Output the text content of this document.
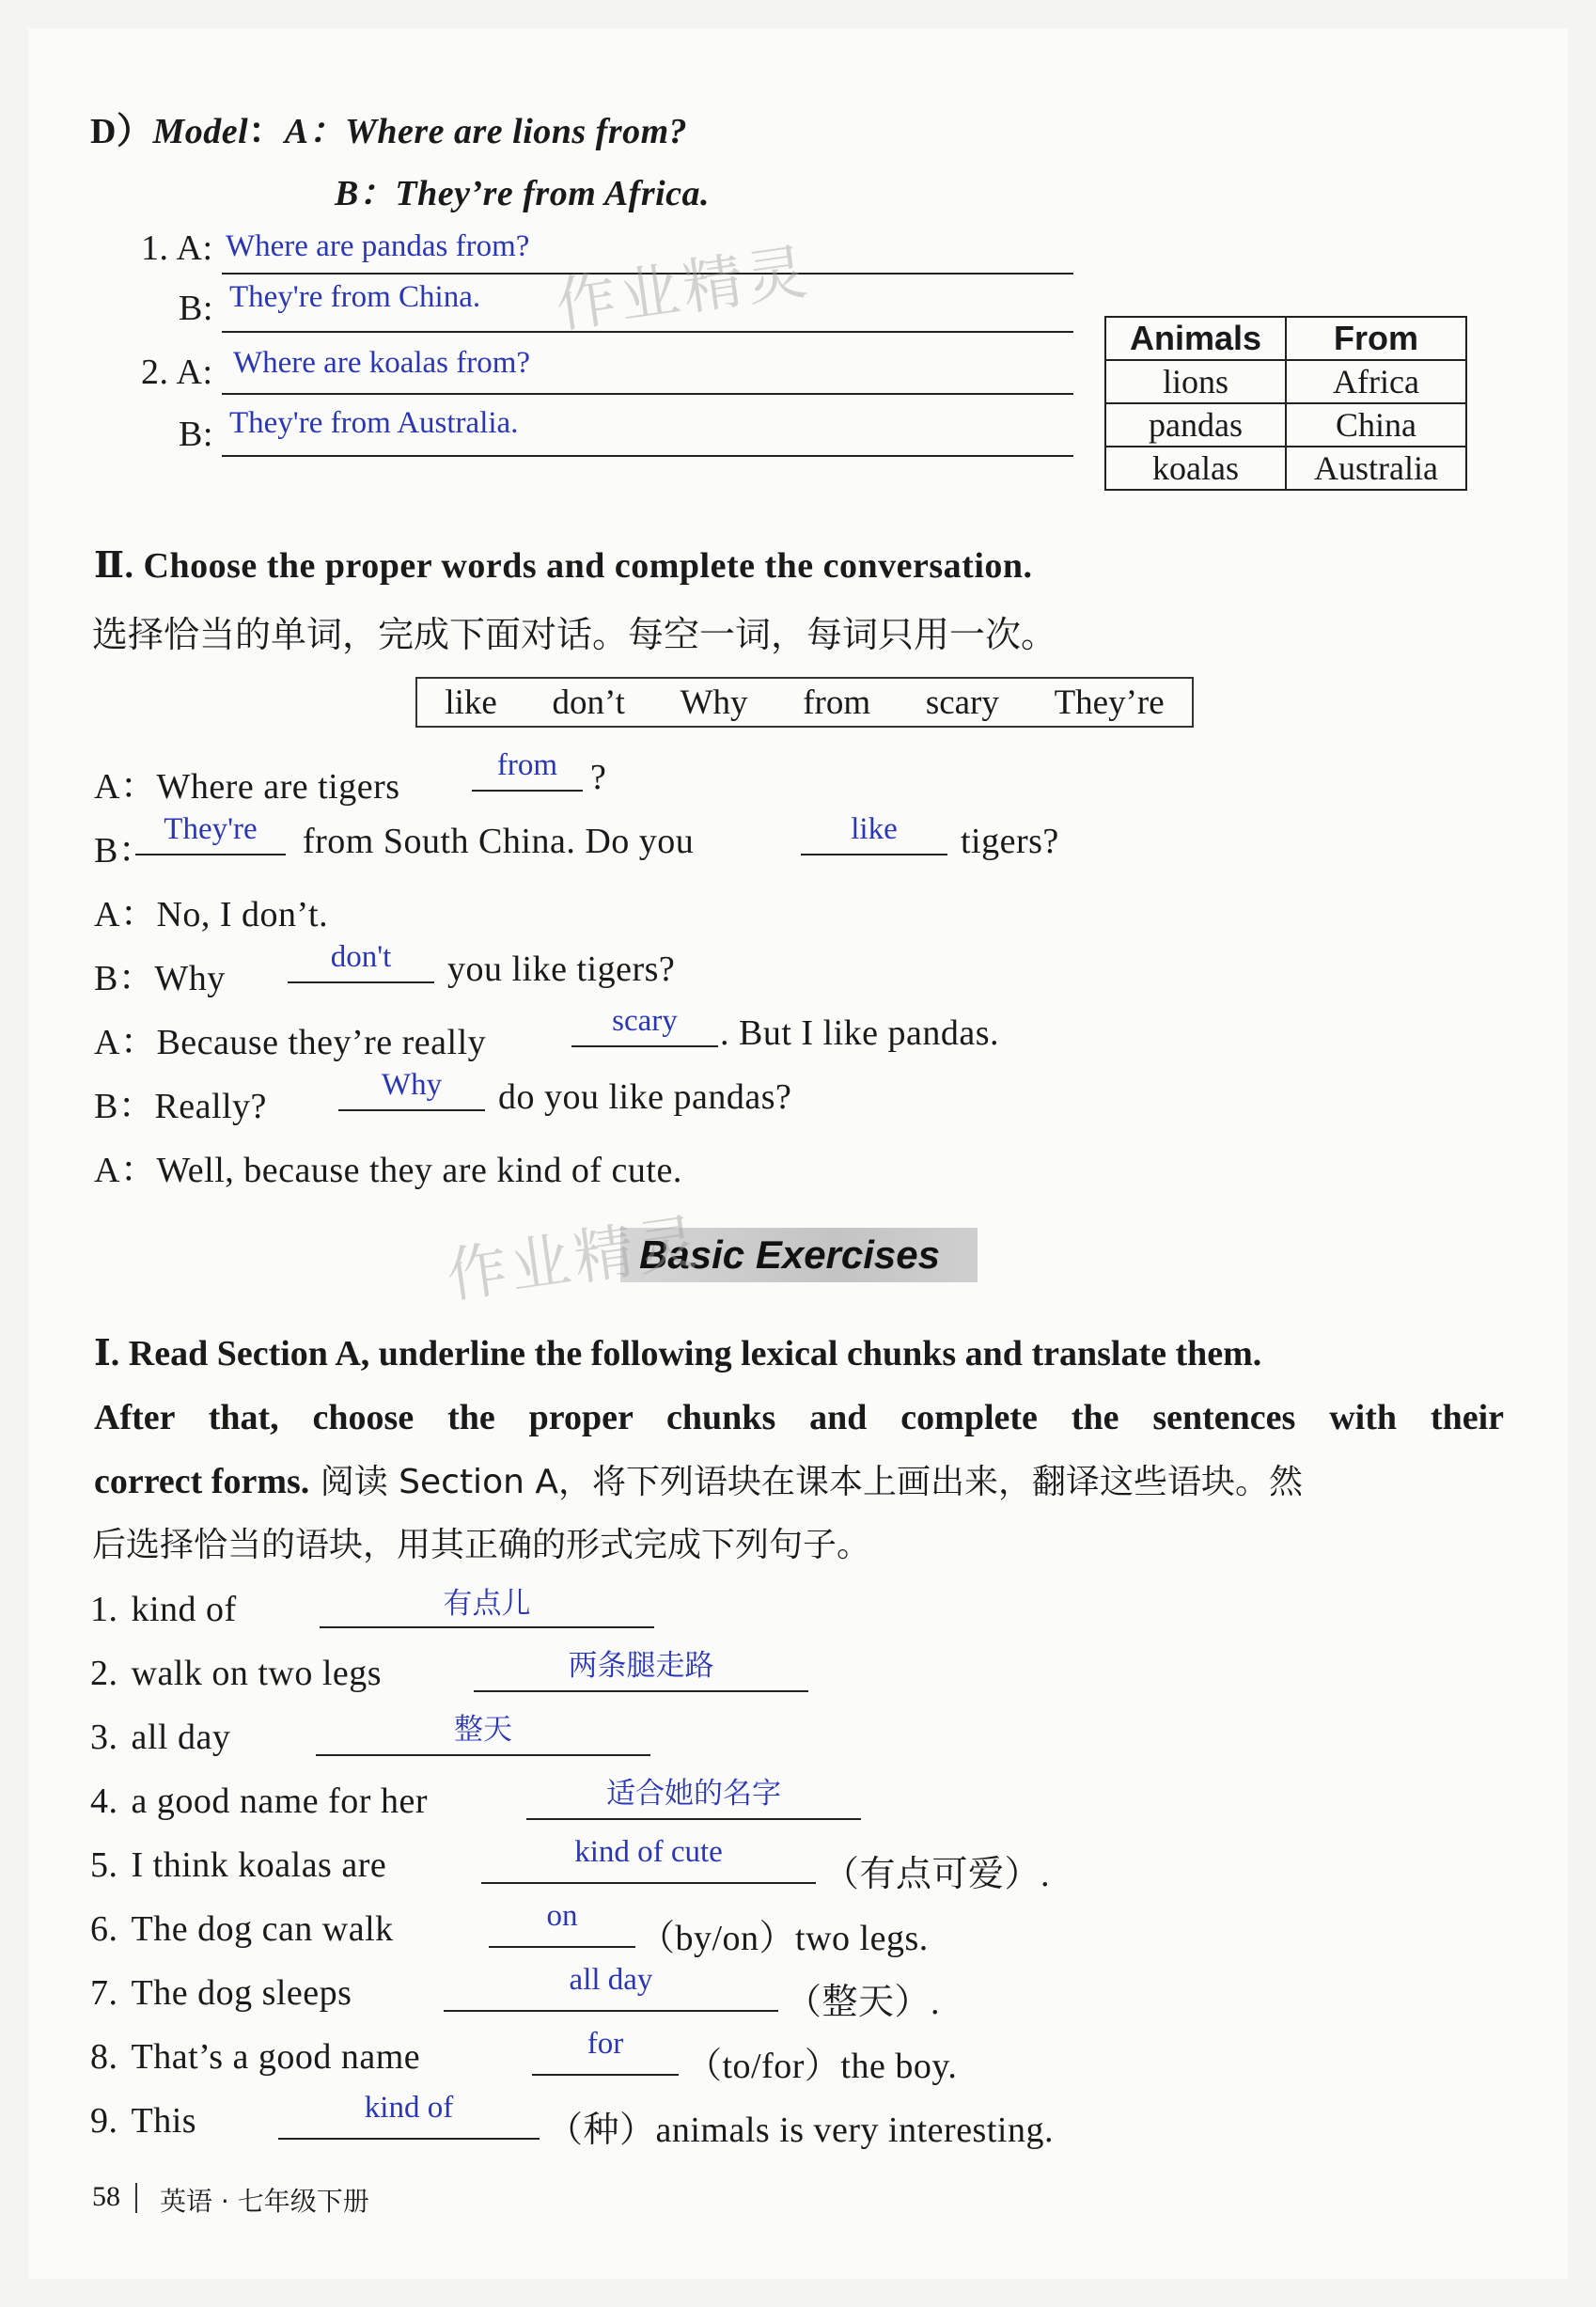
D）Model：A：Where are lions from?
B：They’re from Africa.
1. A: Where are pandas from?
B: They're from China.
2. A: Where are koalas from?
B: They're from Australia.
Animals	From
lions	Africa
pandas	China
koalas	Australia
作业精灵
Ⅱ. Choose the proper words and complete the conversation.
选择恰当的单词，完成下面对话。每空一词，每词只用一次。
like don’t Why from scary They’re
A：Where are tigers
from ?
B：
They're	from South China. Do you	like	tigers?
A：No, I don’t.
B：Why
don't	you like tigers?
A：Because they’re really
scary	. But I like pandas.
B：Really?
Why	do you like pandas?
A：Well, because they are kind of cute.
Basic Exercises
作业精灵
Ⅰ. Read Section A, underline the following lexical chunks and translate them.
After that, choose the proper chunks and complete the sentences with their
correct forms. 阅读 Section A，将下列语块在课本上画出来，翻译这些语块。然
后选择恰当的语块，用其正确的形式完成下列句子。
1. kind of	有点儿
2. walk on two legs	两条腿走路
3. all day	整天
4. a good name for her	适合她的名字
5. I think koalas are	kind of cute
（有点可爱）.
6. The dog can walk	on
（by/on）two legs.
7. The dog sleeps	all day
（整天）.
8. That’s a good name	for
（to/for）the boy.
9. This	kind of
（种）animals is very interesting.
58 英语 · 七年级下册
